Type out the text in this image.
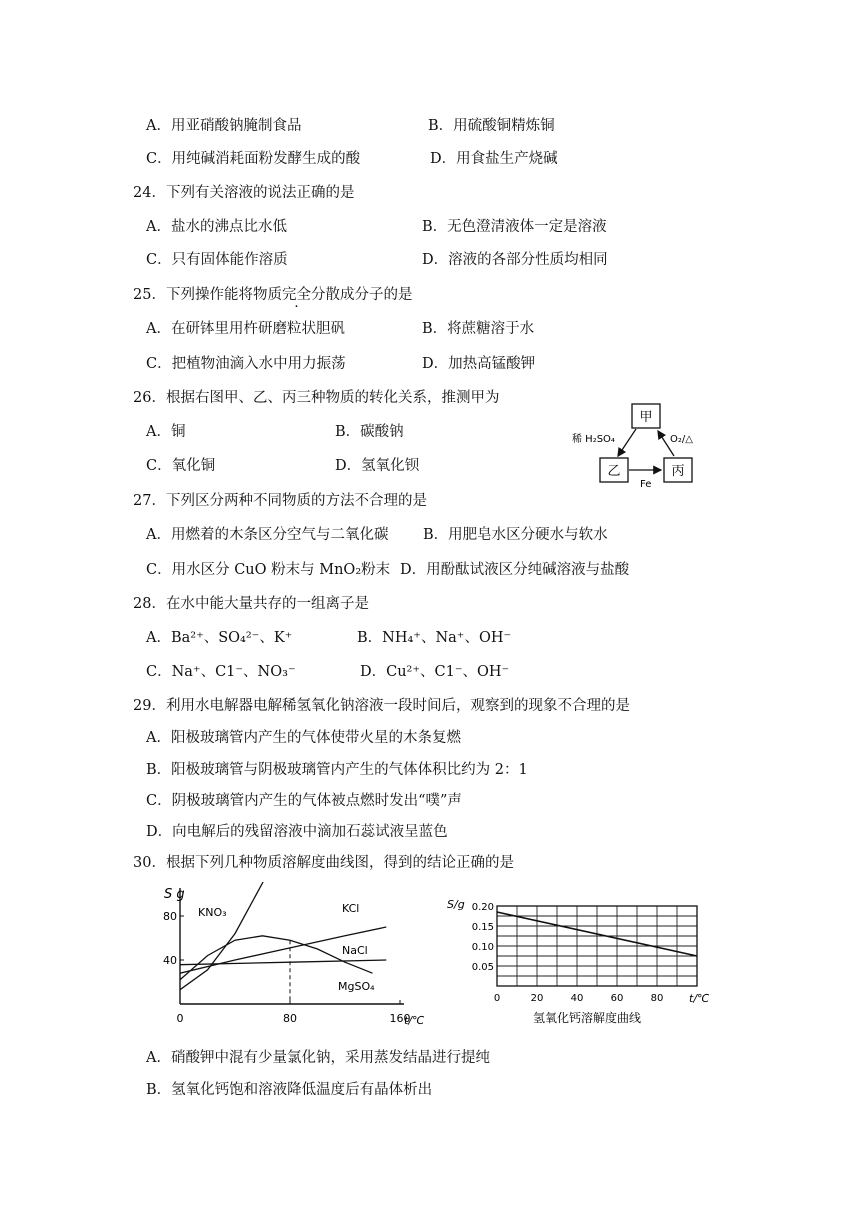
A．用亚硝酸钠腌制食品	B．用硫酸铜精炼铜
C．用纯碱消耗面粉发酵生成的酸	D．用食盐生产烧碱
24．下列有关溶液的说法正确的是
A．盐水的沸点比水低	B．无色澄清液体一定是溶液
C．只有固体能作溶质	D．溶液的各部分性质均相同
25．下列操作能将物质完全分散成分子的是
A．在研钵里用杵研磨粒状胆矾	B．将蔗糖溶于水
C．把植物油滴入水中用力振荡	D．加热高锰酸钾
26．根据右图甲、乙、丙三种物质的转化关系，推测甲为
A．铜	B．碳酸钠
C．氧化铜	D．氢氧化钡
甲
乙	丙
稀 H₂SO₄	O₂/△
Fe
27．下列区分两种不同物质的方法不合理的是
A．用燃着的木条区分空气与二氧化碳 B．用肥皂水区分硬水与软水
C．用水区分 CuO 粉末与 MnO₂粉末 D．用酚酞试液区分纯碱溶液与盐酸
28．在水中能大量共存的一组离子是
A．Ba²⁺、SO₄²⁻、K⁺	B．NH₄⁺、Na⁺、OH⁻
C．Na⁺、C1⁻、NO₃⁻	D．Cu²⁺、C1⁻、OH⁻
29．利用水电解器电解稀氢氧化钠溶液一段时间后，观察到的现象不合理的是
A．阳极玻璃管内产生的气体使带火星的木条复燃
B．阳极玻璃管与阴极玻璃管内产生的气体体积比约为 2：1
C．阴极玻璃管内产生的气体被点燃时发出“噗”声
D．向电解后的残留溶液中滴加石蕊试液呈蓝色
30．根据下列几种物质溶解度曲线图，得到的结论正确的是
S g
t/℃
0	80	160
40
80 KNO₃	KCl
NaCl
MgSO₄
S/g
t/℃
0.05
0.10
0.15
0.20
0	20	40	60	80
氢氧化钙溶解度曲线
A．硝酸钾中混有少量氯化钠，采用蒸发结晶进行提纯
B．氢氧化钙饱和溶液降低温度后有晶体析出
